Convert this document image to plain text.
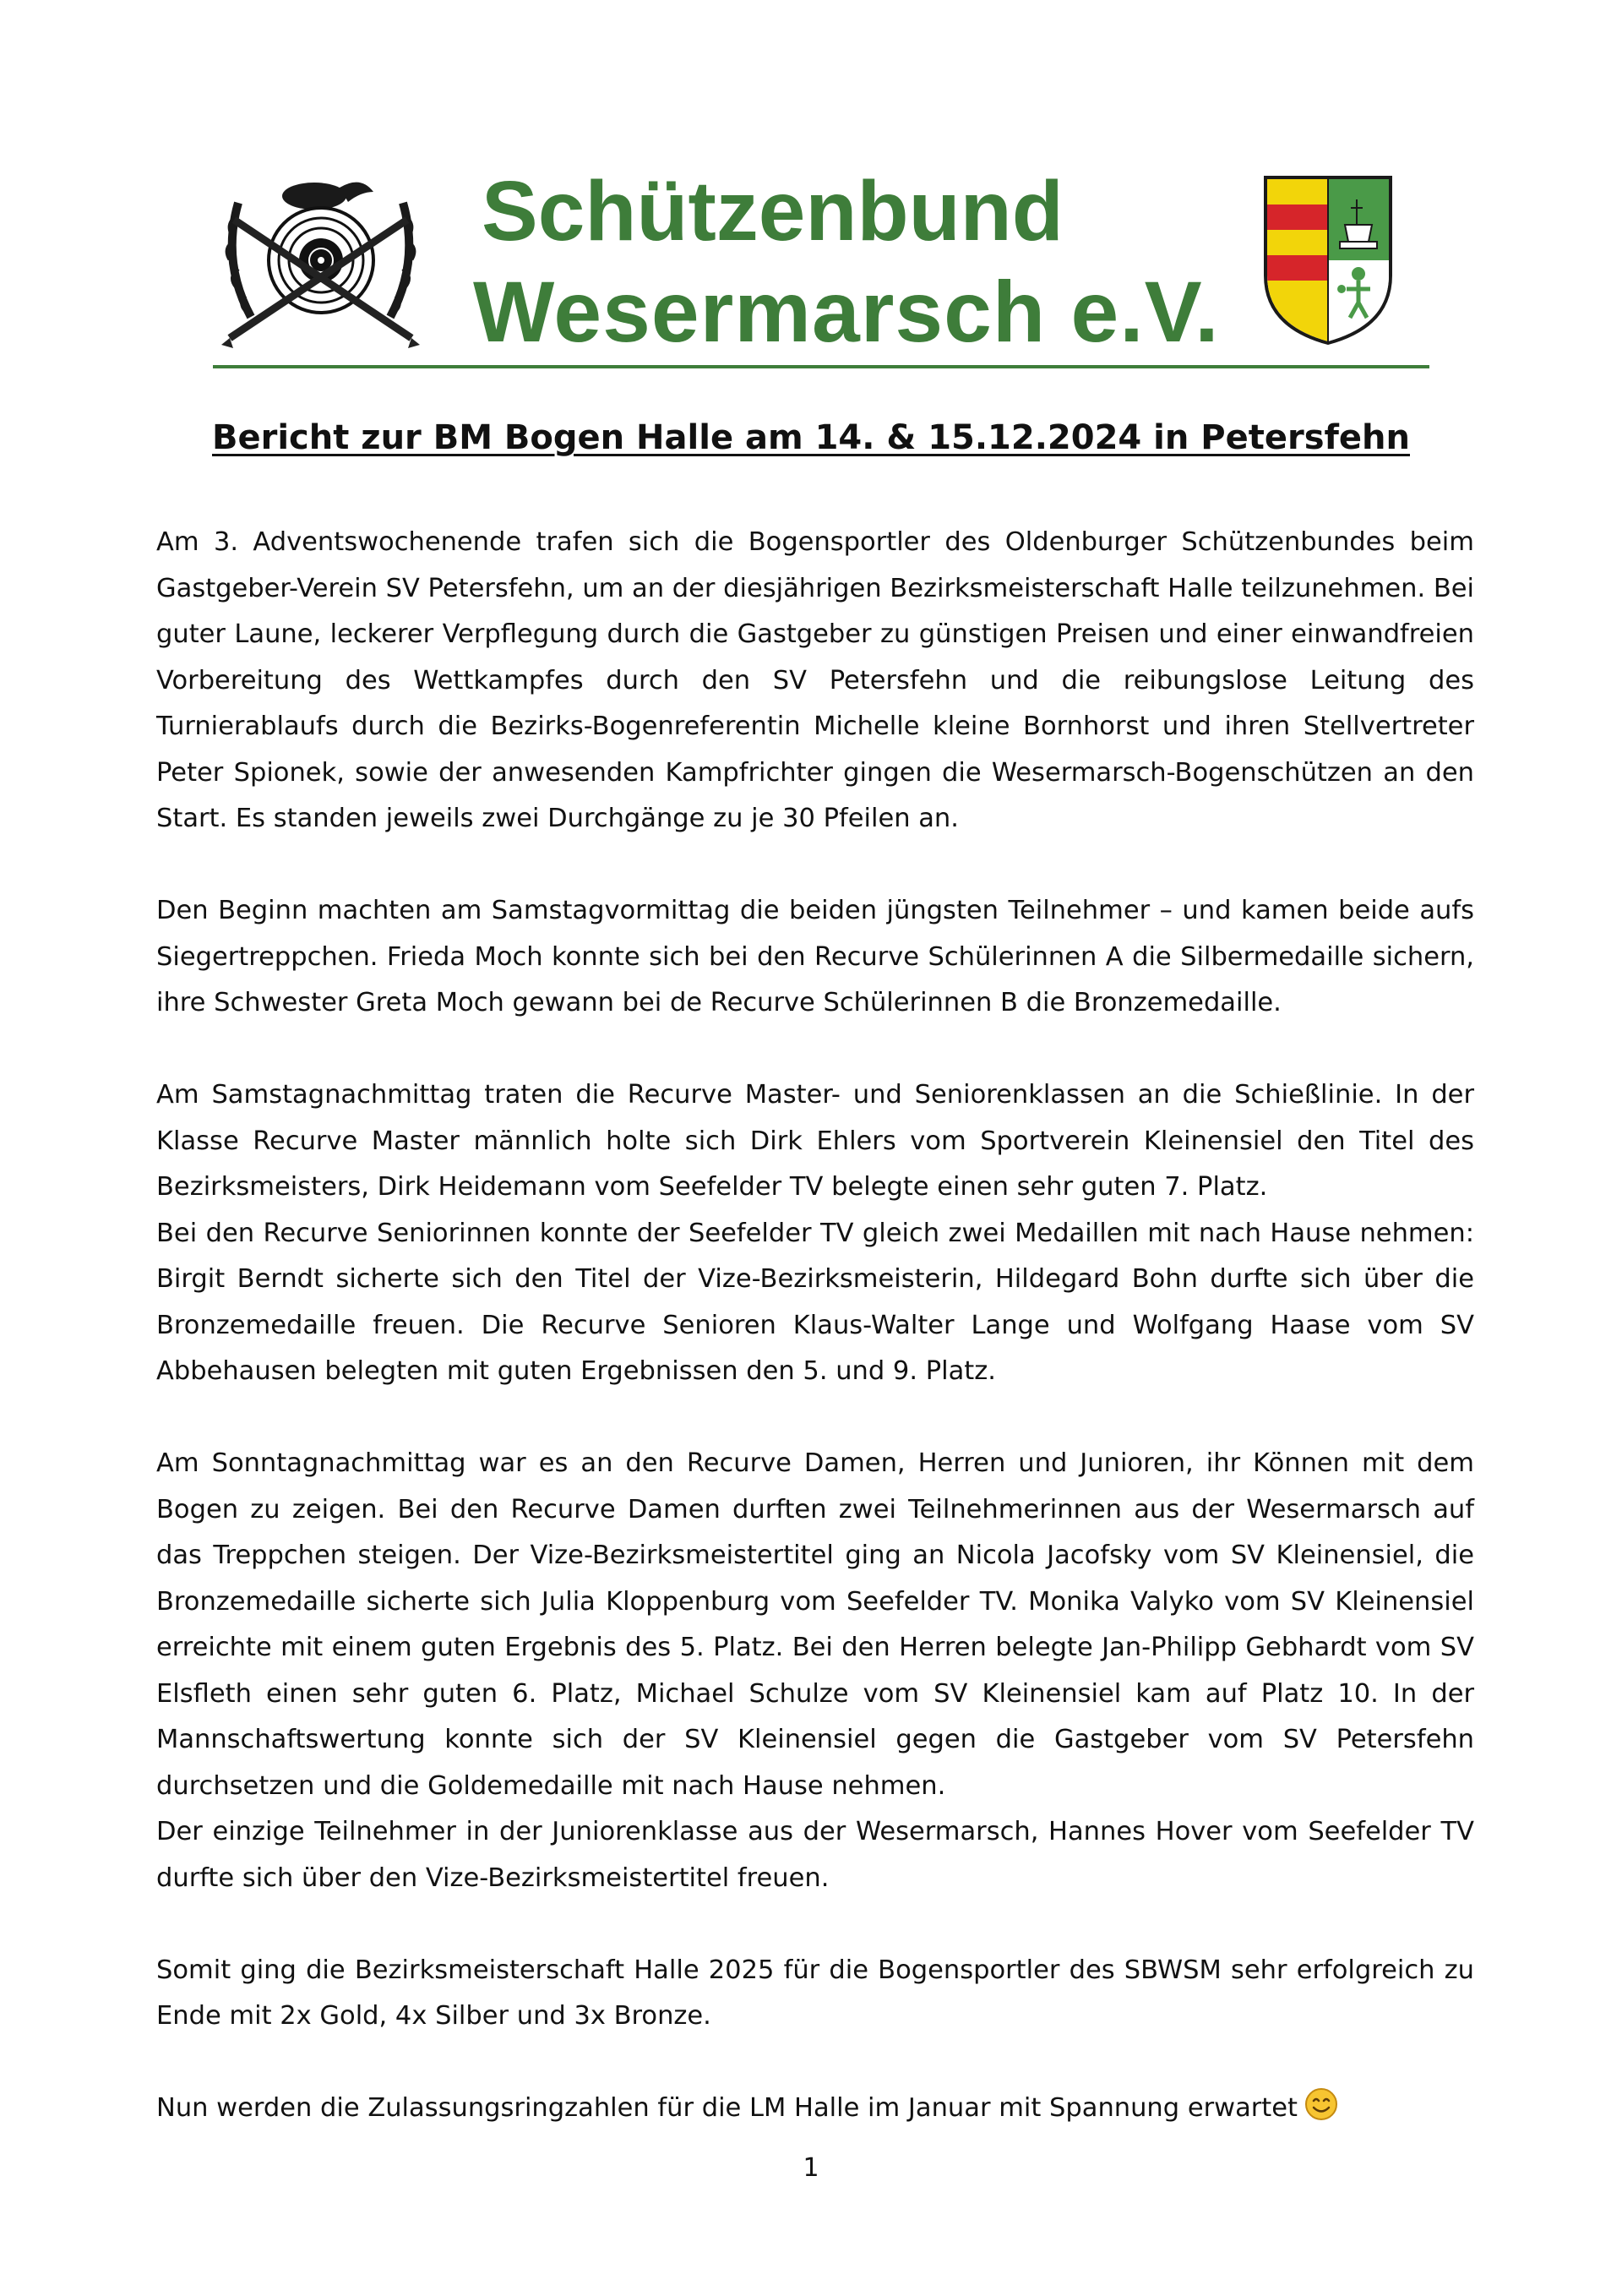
Schützenbund
Wesermarsch e.V.
Bericht zur BM Bogen Halle am 14. & 15.12.2024 in Petersfehn

Am 3. Adventswochenende trafen sich die Bogensportler des Oldenburger Schützenbundes beim Gastgeber-Verein SV Petersfehn, um an der diesjährigen Bezirksmeisterschaft Halle teilzunehmen. Bei guter Laune, leckerer Verpflegung durch die Gastgeber zu günstigen Preisen und einer einwandfreien Vorbereitung des Wettkampfes durch den SV Petersfehn und die reibungslose Leitung des Turnierablaufs durch die Bezirks-Bogenreferentin Michelle kleine Bornhorst und ihren Stellvertreter Peter Spionek, sowie der anwesenden Kampfrichter gingen die Wesermarsch-Bogenschützen an den Start. Es standen jeweils zwei Durchgänge zu je 30 Pfeilen an.

Den Beginn machten am Samstagvormittag die beiden jüngsten Teilnehmer – und kamen beide aufs Siegertreppchen. Frieda Moch konnte sich bei den Recurve Schülerinnen A die Silbermedaille sichern, ihre Schwester Greta Moch gewann bei de Recurve Schülerinnen B die Bronzemedaille.

Am Samstagnachmittag traten die Recurve Master- und Seniorenklassen an die Schießlinie. In der Klasse Recurve Master männlich holte sich Dirk Ehlers vom Sportverein Kleinensiel den Titel des Bezirksmeisters, Dirk Heidemann vom Seefelder TV belegte einen sehr guten 7. Platz.

Bei den Recurve Seniorinnen konnte der Seefelder TV gleich zwei Medaillen mit nach Hause nehmen: Birgit Berndt sicherte sich den Titel der Vize-Bezirksmeisterin, Hildegard Bohn durfte sich über die Bronzemedaille freuen. Die Recurve Senioren Klaus-Walter Lange und Wolfgang Haase vom SV Abbehausen belegten mit guten Ergebnissen den 5. und 9. Platz.

Am Sonntagnachmittag war es an den Recurve Damen, Herren und Junioren, ihr Können mit dem Bogen zu zeigen. Bei den Recurve Damen durften zwei Teilnehmerinnen aus der Wesermarsch auf das Treppchen steigen. Der Vize-Bezirksmeistertitel ging an Nicola Jacofsky vom SV Kleinensiel, die Bronzemedaille sicherte sich Julia Kloppenburg vom Seefelder TV. Monika Valyko vom SV Kleinensiel erreichte mit einem guten Ergebnis des 5. Platz. Bei den Herren belegte Jan-Philipp Gebhardt vom SV Elsfleth einen sehr guten 6. Platz, Michael Schulze vom SV Kleinensiel kam auf Platz 10. In der Mannschaftswertung konnte sich der SV Kleinensiel gegen die Gastgeber vom SV Petersfehn durchsetzen und die Goldemedaille mit nach Hause nehmen.

Der einzige Teilnehmer in der Juniorenklasse aus der Wesermarsch, Hannes Hover vom Seefelder TV durfte sich über den Vize-Bezirksmeistertitel freuen.

Somit ging die Bezirksmeisterschaft Halle 2025 für die Bogensportler des SBWSM sehr erfolgreich zu Ende mit 2x Gold, 4x Silber und 3x Bronze.

Nun werden die Zulassungsringzahlen für die LM Halle im Januar mit Spannung erwartet

1
